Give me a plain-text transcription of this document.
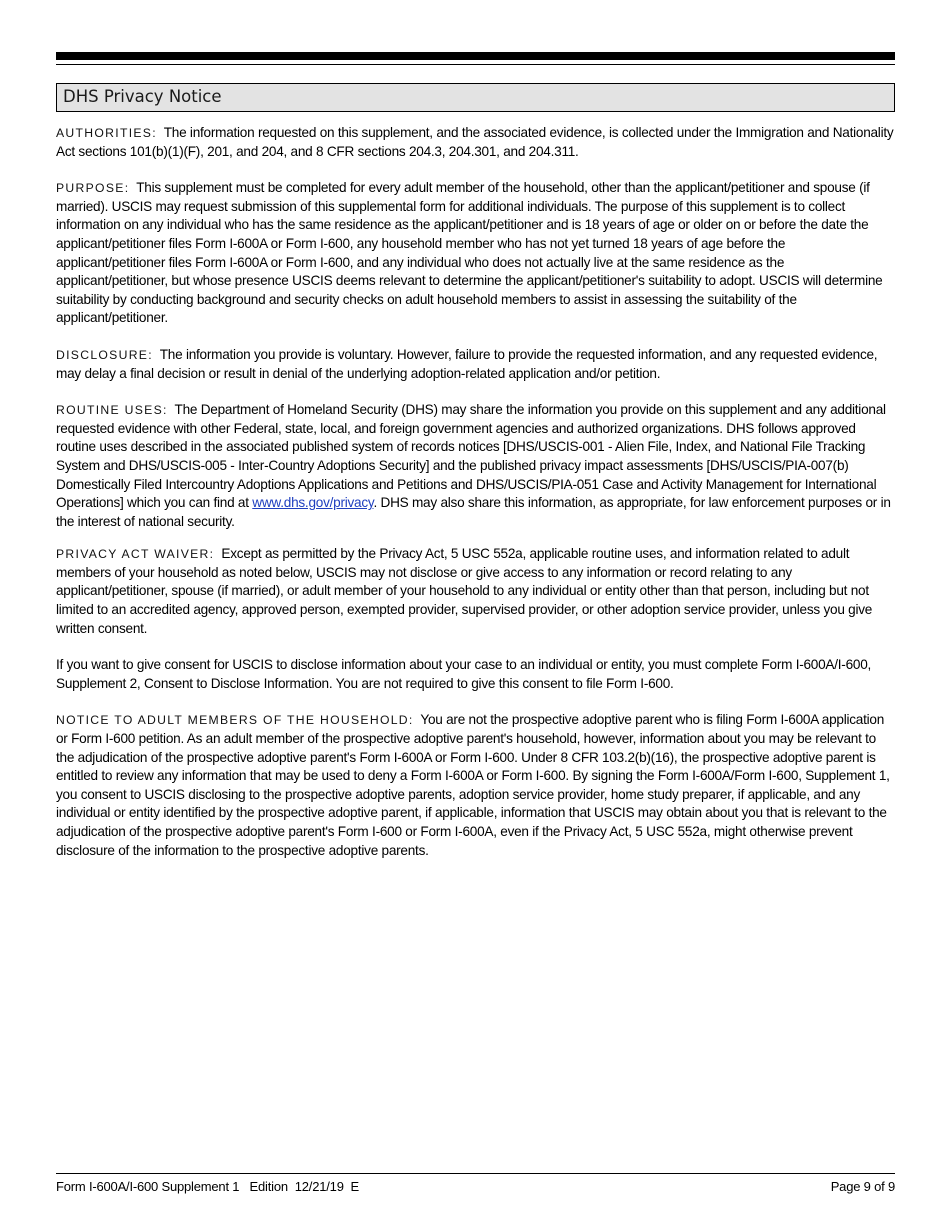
DHS Privacy Notice

AUTHORITIES: The information requested on this supplement, and the associated evidence, is collected under the Immigration and Nationality Act sections 101(b)(1)(F), 201, and 204, and 8 CFR sections 204.3, 204.301, and 204.311.

PURPOSE: This supplement must be completed for every adult member of the household, other than the applicant/petitioner and spouse (if married). USCIS may request submission of this supplemental form for additional individuals. The purpose of this supplement is to collect information on any individual who has the same residence as the applicant/petitioner and is 18 years of age or older on or before the date the applicant/petitioner files Form I-600A or Form I-600, any household member who has not yet turned 18 years of age before the applicant/petitioner files Form I-600A or Form I-600, and any individual who does not actually live at the same residence as the applicant/petitioner, but whose presence USCIS deems relevant to determine the applicant/petitioner's suitability to adopt. USCIS will determine suitability by conducting background and security checks on adult household members to assist in assessing the suitability of the applicant/petitioner.

DISCLOSURE: The information you provide is voluntary. However, failure to provide the requested information, and any requested evidence, may delay a final decision or result in denial of the underlying adoption-related application and/or petition.

ROUTINE USES: The Department of Homeland Security (DHS) may share the information you provide on this supplement and any additional requested evidence with other Federal, state, local, and foreign government agencies and authorized organizations. DHS follows approved routine uses described in the associated published system of records notices [DHS/USCIS-001 - Alien File, Index, and National File Tracking System and DHS/USCIS-005 - Inter-Country Adoptions Security] and the published privacy impact assessments [DHS/USCIS/PIA-007(b) Domestically Filed Intercountry Adoptions Applications and Petitions and DHS/USCIS/PIA-051 Case and Activity Management for International Operations] which you can find at www.dhs.gov/privacy. DHS may also share this information, as appropriate, for law enforcement purposes or in the interest of national security.

PRIVACY ACT WAIVER: Except as permitted by the Privacy Act, 5 USC 552a, applicable routine uses, and information related to adult members of your household as noted below, USCIS may not disclose or give access to any information or record relating to any applicant/petitioner, spouse (if married), or adult member of your household to any individual or entity other than that person, including but not limited to an accredited agency, approved person, exempted provider, supervised provider, or other adoption service provider, unless you give written consent.

If you want to give consent for USCIS to disclose information about your case to an individual or entity, you must complete Form I-600A/I-600, Supplement 2, Consent to Disclose Information. You are not required to give this consent to file Form I-600.

NOTICE TO ADULT MEMBERS OF THE HOUSEHOLD: You are not the prospective adoptive parent who is filing Form I-600A application or Form I-600 petition. As an adult member of the prospective adoptive parent's household, however, information about you may be relevant to the adjudication of the prospective adoptive parent's Form I-600A or Form I-600. Under 8 CFR 103.2(b)(16), the prospective adoptive parent is entitled to review any information that may be used to deny a Form I-600A or Form I-600. By signing the Form I-600A/Form I-600, Supplement 1, you consent to USCIS disclosing to the prospective adoptive parents, adoption service provider, home study preparer, if applicable, and any individual or entity identified by the prospective adoptive parent, if applicable, information that USCIS may obtain about you that is relevant to the adjudication of the prospective adoptive parent's Form I-600 or Form I-600A, even if the Privacy Act, 5 USC 552a, might otherwise prevent disclosure of the information to the prospective adoptive parents.

Form I-600A/I-600 Supplement 1   Edition  12/21/19  E	Page 9 of 9
